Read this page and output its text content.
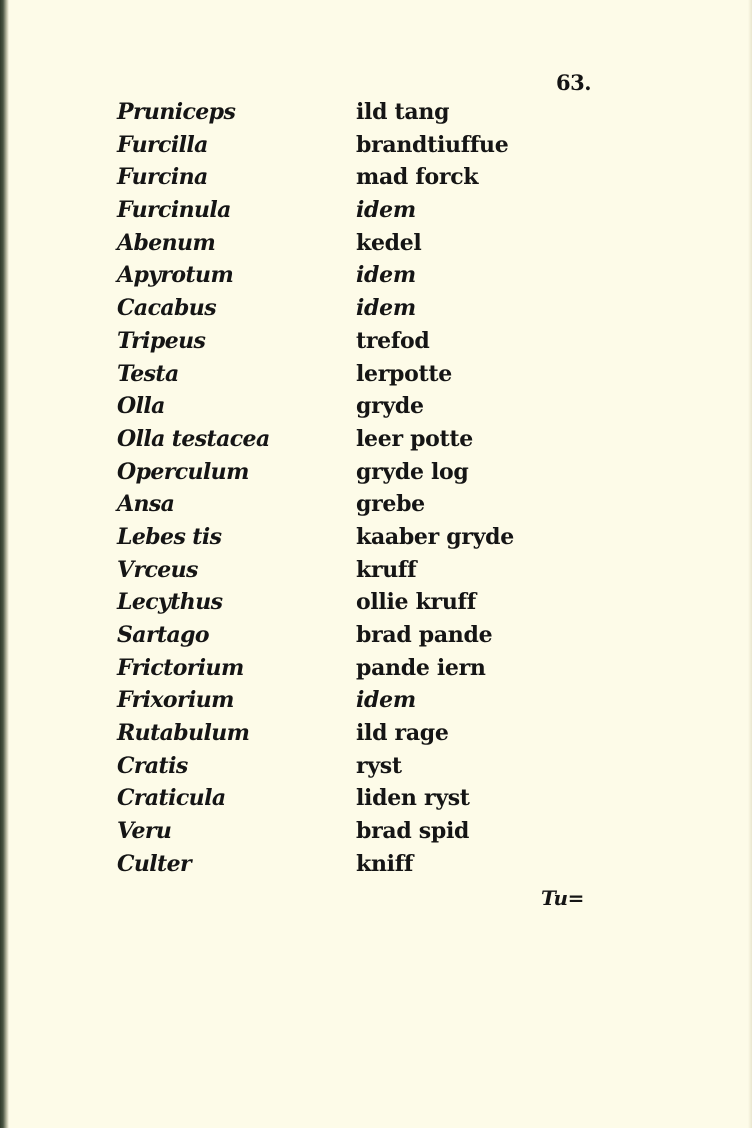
63.
Pruniceps
Furcilla
Furcina
Furcinula
Abenum
Apyrotum
Cacabus
Tripeus
Testa
Olla
Olla testacea
Operculum
Ansa
Lebes tis
Vrceus
Lecythus
Sartago
Frictorium
Frixorium
Rutabulum
Cratis
Craticula
Veru
Culter
ild tang
brandtiuffue
mad forck
idem
kedel
idem
idem
trefod
lerpotte
gryde
leer potte
gryde log
grebe
kaaber gryde
kruff
ollie kruff
brad pande
pande iern
idem
ild rage
ryst
liden ryst
brad spid
kniff
Tu=
